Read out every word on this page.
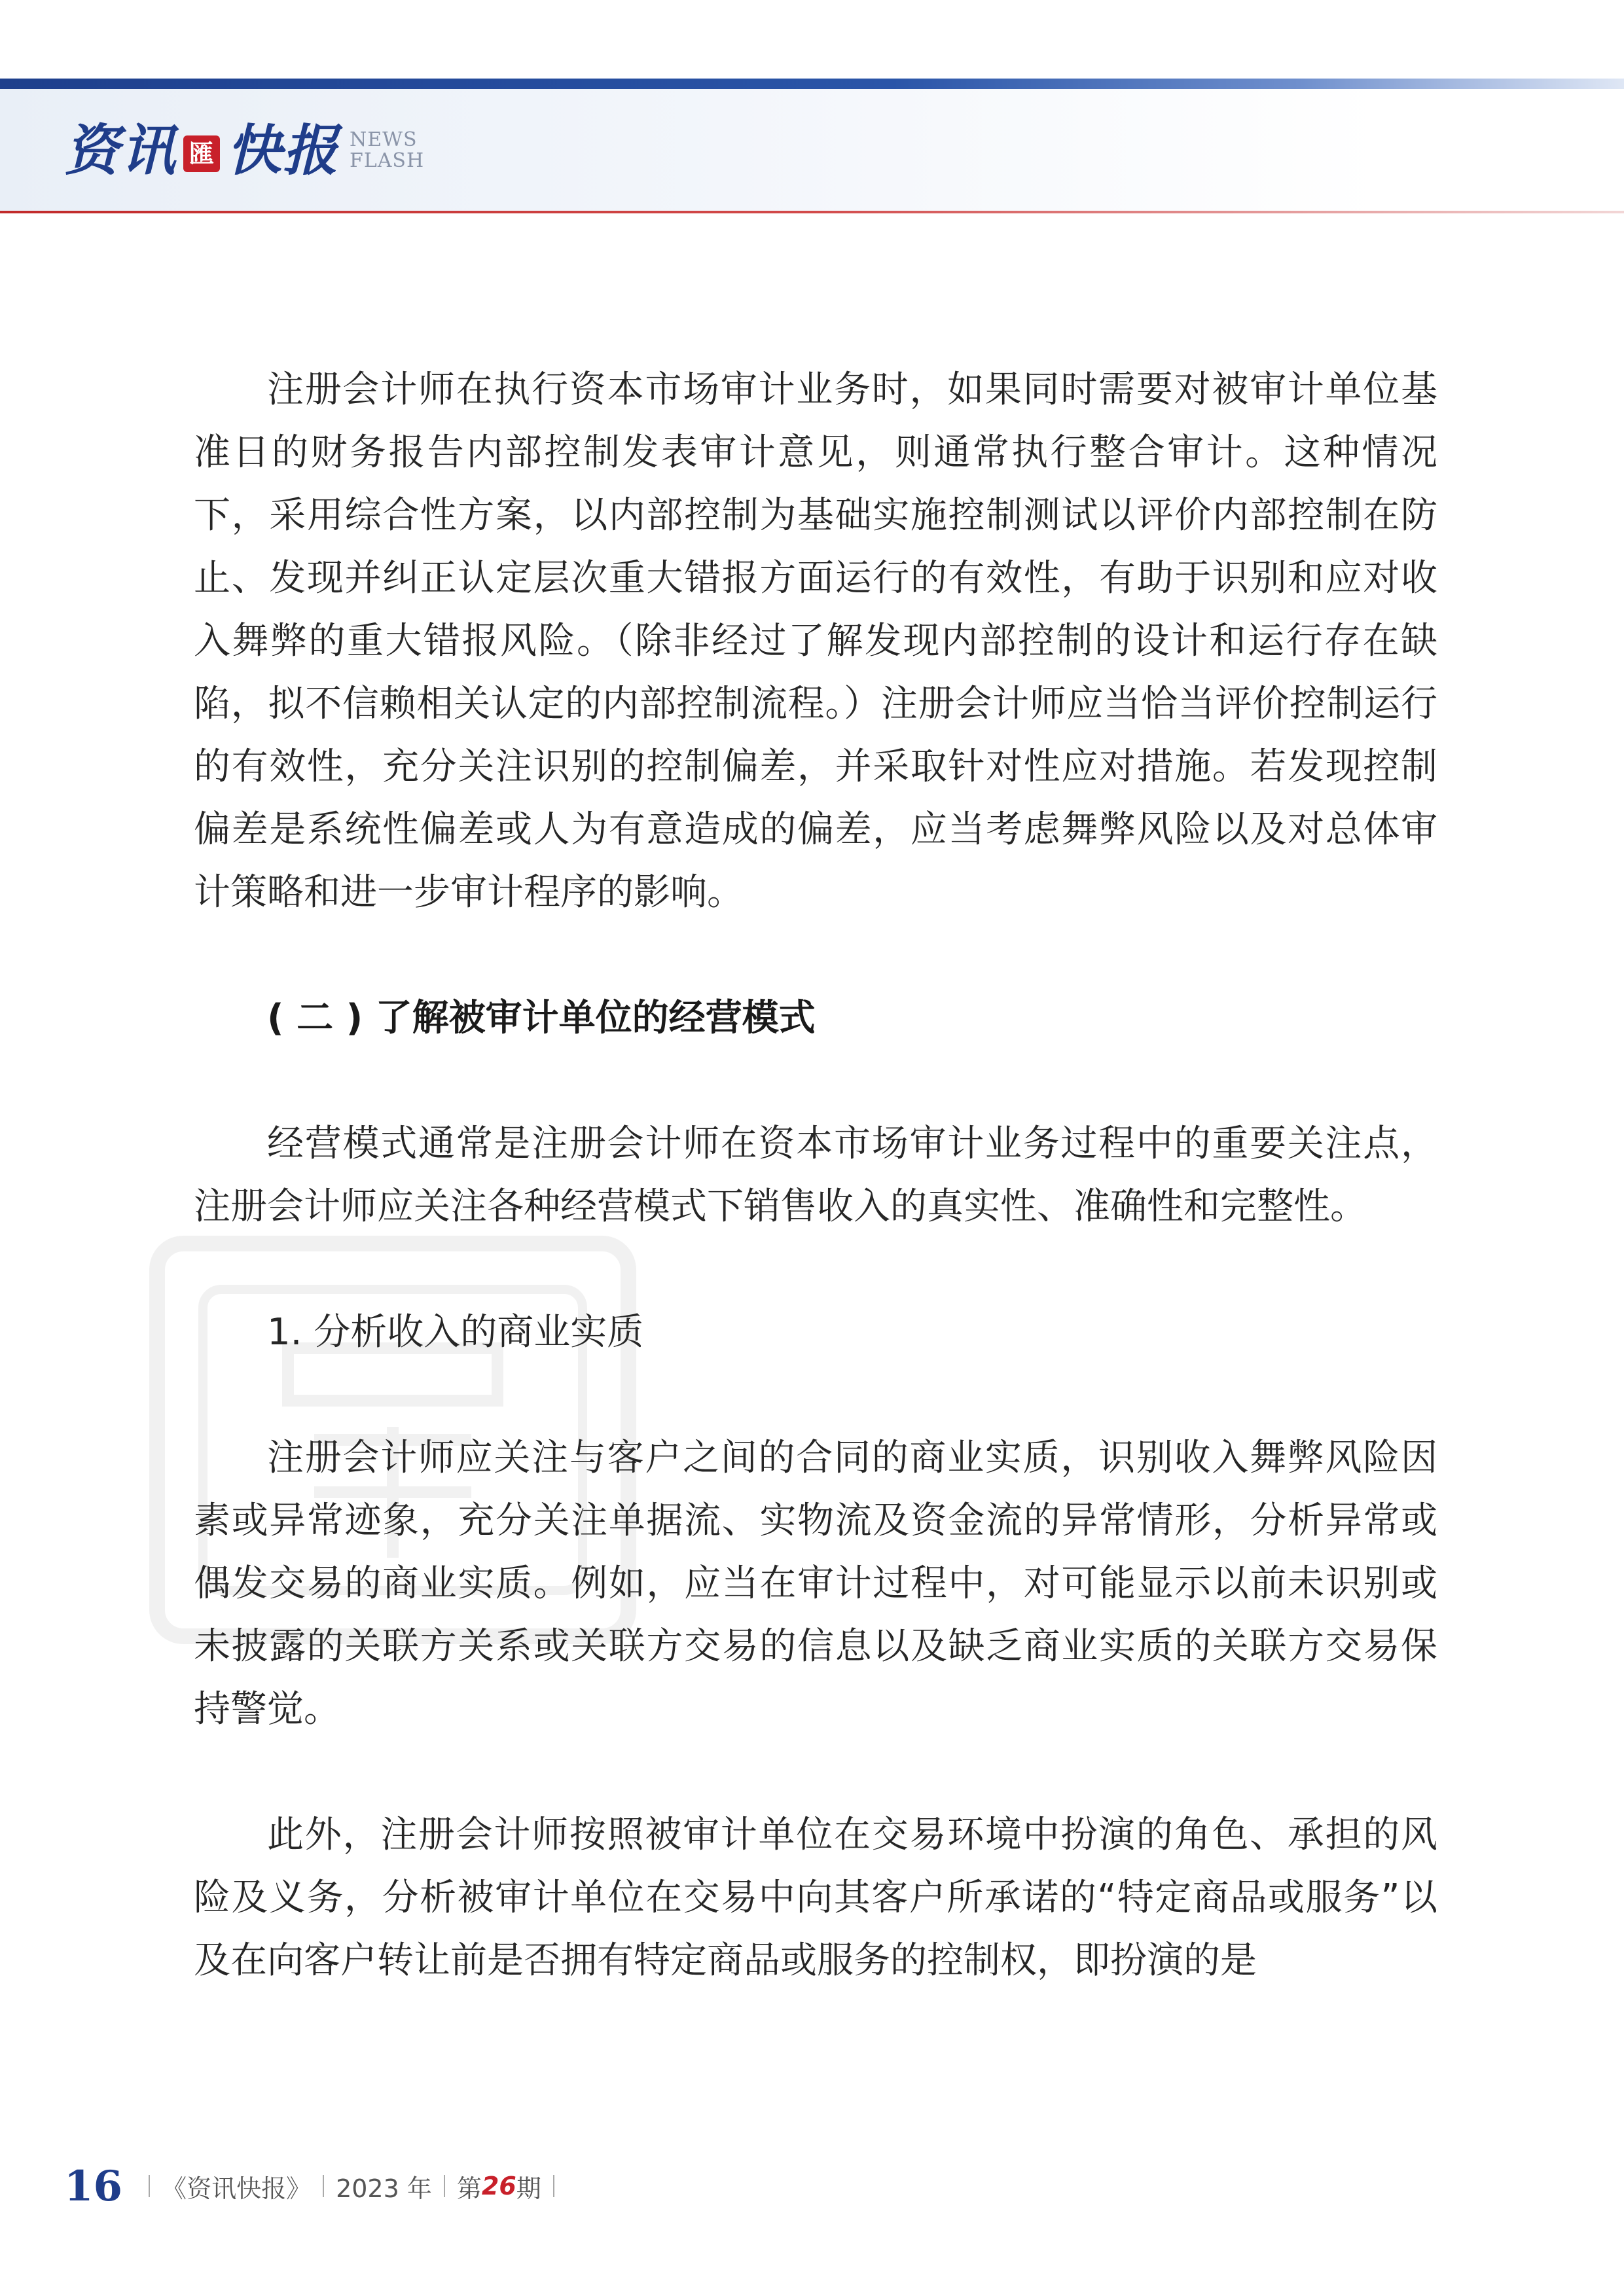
资讯 匯 快报 NEWS
FLASH

注册会计师在执行资本市场审计业务时，如果同时需要对被审计单位基准日的财务报告内部控制发表审计意见，则通常执行整合审计。这种情况下，采用综合性方案，以内部控制为基础实施控制测试以评价内部控制在防止、发现并纠正认定层次重大错报方面运行的有效性，有助于识别和应对收入舞弊的重大错报风险。（除非经过了解发现内部控制的设计和运行存在缺陷，拟不信赖相关认定的内部控制流程。）注册会计师应当恰当评价控制运行的有效性，充分关注识别的控制偏差，并采取针对性应对措施。若发现控制偏差是系统性偏差或人为有意造成的偏差，应当考虑舞弊风险以及对总体审计策略和进一步审计程序的影响。

( 二 ) 了解被审计单位的经营模式

经营模式通常是注册会计师在资本市场审计业务过程中的重要关注点，注册会计师应关注各种经营模式下销售收入的真实性、准确性和完整性。

1. 分析收入的商业实质

注册会计师应关注与客户之间的合同的商业实质，识别收入舞弊风险因素或异常迹象，充分关注单据流、实物流及资金流的异常情形，分析异常或偶发交易的商业实质。例如，应当在审计过程中，对可能显示以前未识别或未披露的关联方关系或关联方交易的信息以及缺乏商业实质的关联方交易保持警觉。

此外，注册会计师按照被审计单位在交易环境中扮演的角色、承担的风险及义务，分析被审计单位在交易中向其客户所承诺的“特定商品或服务”以及在向客户转让前是否拥有特定商品或服务的控制权，即扮演的是

16 《资讯快报》 2023 年 第 26 期
